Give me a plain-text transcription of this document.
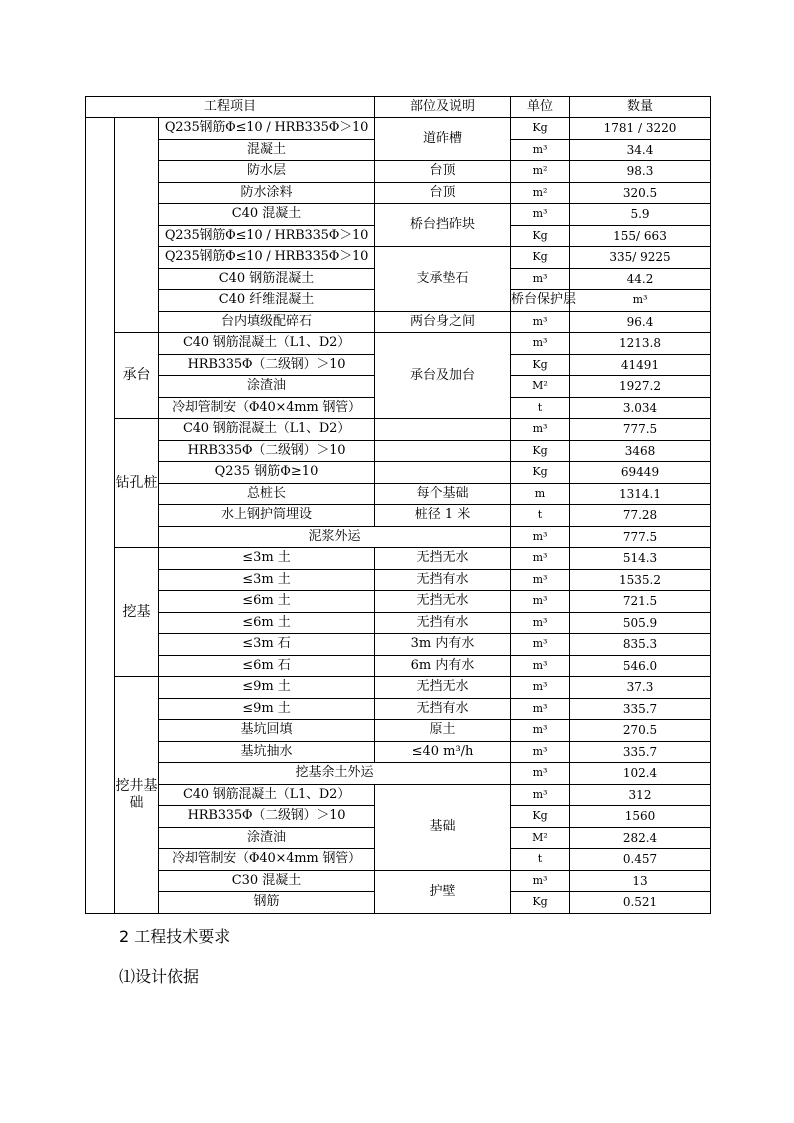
工程项目			部位及说明	单位	数量	
		Q235钢筋Φ≤10 / HRB335Φ＞10	道砟槽	Kg	1781 / 3220	
		混凝土		m³	34.4	
		防水层	台顶	m²	98.3	
		防水涂料	台顶	m²	320.5	
		C40 混凝土	桥台挡砟块	m³	5.9	
		Q235钢筋Φ≤10 / HRB335Φ＞10		Kg	155/ 663	
		Q235钢筋Φ≤10 / HRB335Φ＞10	支承垫石	Kg	335/ 9225	
		C40 钢筋混凝土		m³	44.2	
		C40 纤维混凝土		桥台保护层	m³	
		台内填级配碎石	两台身之间	m³	96.4	
	承台	C40 钢筋混凝土（L1、D2）	承台及加台	m³	1213.8	
		HRB335Φ（二级钢）＞10		Kg	41491	
		涂渣油		M²	1927.2	
		冷却管制安（Φ40×4mm 钢管）		t	3.034	
	钻孔桩	C40 钢筋混凝土（L1、D2）		m³	777.5	
		HRB335Φ（二级钢）＞10		Kg	3468	
		Q235 钢筋Φ≥10		Kg	69449	
		总桩长	每个基础	m	1314.1	
		水上钢护筒埋设	桩径 1 米	t	77.28	
		泥浆外运		m³	777.5	
	挖基	≤3m 土	无挡无水	m³	514.3	
		≤3m 土	无挡有水	m³	1535.2	
		≤6m 土	无挡无水	m³	721.5	
		≤6m 土	无挡有水	m³	505.9	
		≤3m 石	3m 内有水	m³	835.3	
		≤6m 石	6m 内有水	m³	546.0	
	挖井基础	≤9m 土	无挡无水	m³	37.3	
		≤9m 土	无挡有水	m³	335.7	
		基坑回填	原土	m³	270.5	
		基坑抽水	≤40 m³/h	m³	335.7	
		挖基余土外运		m³	102.4	
		C40 钢筋混凝土（L1、D2）	基础	m³	312	
		HRB335Φ（二级钢）＞10		Kg	1560	
		涂渣油		M²	282.4	
		冷却管制安（Φ40×4mm 钢管）		t	0.457	
		C30 混凝土	护壁	m³	13	
		钢筋		Kg	0.521	
2 工程技术要求
⑴设计依据
